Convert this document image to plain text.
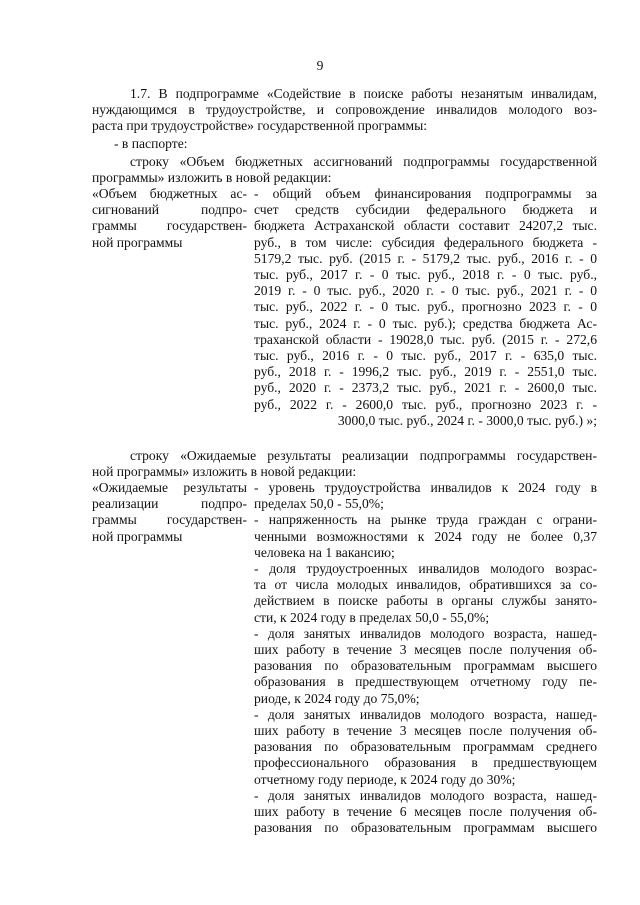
9
1.7. В подпрограмме «Содействие в поиске работы незанятым инвалидам,
нуждающимся в трудоустройстве, и сопровождение инвалидов молодого воз-
раста при трудоустройстве» государственной программы:
- в паспорте:
строку «Объем бюджетных ассигнований подпрограммы государственной
программы» изложить в новой редакции:
«Объем бюджетных ас-
сигнований подпро-
граммы государствен-
ной программы
- общий объем финансирования подпрограммы за
счет средств субсидии федерального бюджета и
бюджета Астраханской области составит 24207,2 тыс.
руб., в том числе: субсидия федерального бюджета -
5179,2 тыс. руб. (2015 г. - 5179,2 тыс. руб., 2016 г. - 0
тыс. руб., 2017 г. - 0 тыс. руб., 2018 г. - 0 тыс. руб.,
2019 г. - 0 тыс. руб., 2020 г. - 0 тыс. руб., 2021 г. - 0
тыс. руб., 2022 г. - 0 тыс. руб., прогнозно 2023 г. - 0
тыс. руб., 2024 г. - 0 тыс. руб.); средства бюджета Ас-
траханской области - 19028,0 тыс. руб. (2015 г. - 272,6
тыс. руб., 2016 г. - 0 тыс. руб., 2017 г. - 635,0 тыс.
руб., 2018 г. - 1996,2 тыс. руб., 2019 г. - 2551,0 тыс.
руб., 2020 г. - 2373,2 тыс. руб., 2021 г. - 2600,0 тыс.
руб., 2022 г. - 2600,0 тыс. руб., прогнозно 2023 г. -
3000,0 тыс. руб., 2024 г. - 3000,0 тыс. руб.) »;
строку «Ожидаемые результаты реализации подпрограммы государствен-
ной программы» изложить в новой редакции:
«Ожидаемые результаты
реализации подпро-
граммы государствен-
ной программы
- уровень трудоустройства инвалидов к 2024 году в
пределах 50,0 - 55,0%;
- напряженность на рынке труда граждан с ограни-
ченными возможностями к 2024 году не более 0,37
человека на 1 вакансию;
- доля трудоустроенных инвалидов молодого возрас-
та от числа молодых инвалидов, обратившихся за со-
действием в поиске работы в органы службы занято-
сти, к 2024 году в пределах 50,0 - 55,0%;
- доля занятых инвалидов молодого возраста, нашед-
ших работу в течение 3 месяцев после получения об-
разования по образовательным программам высшего
образования в предшествующем отчетному году пе-
риоде, к 2024 году до 75,0%;
- доля занятых инвалидов молодого возраста, нашед-
ших работу в течение 3 месяцев после получения об-
разования по образовательным программам среднего
профессионального образования в предшествующем
отчетному году периоде, к 2024 году до 30%;
- доля занятых инвалидов молодого возраста, нашед-
ших работу в течение 6 месяцев после получения об-
разования по образовательным программам высшего
